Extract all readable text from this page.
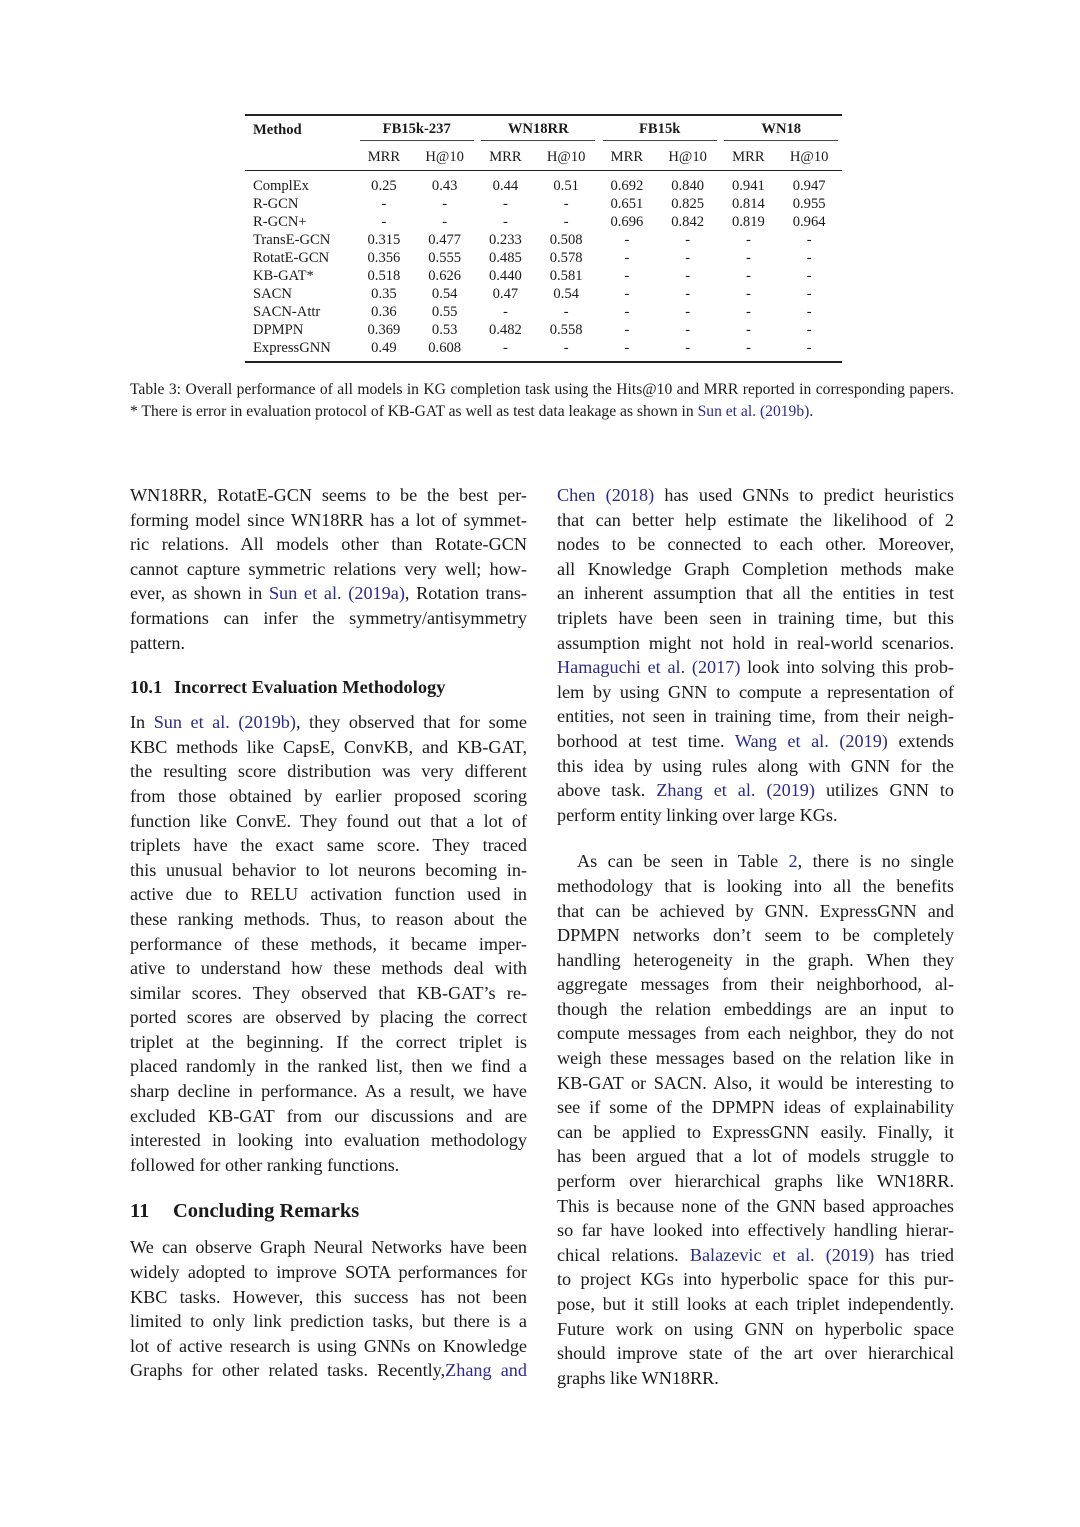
Method	FB15k-237		WN18RR		FB15k		WN18	
	MRR	H@10	MRR	H@10	MRR	H@10	MRR	H@10
ComplEx	0.25	0.43	0.44	0.51	0.692	0.840	0.941	0.947
R-GCN	-	-	-	-	0.651	0.825	0.814	0.955
R-GCN+	-	-	-	-	0.696	0.842	0.819	0.964
TransE-GCN	0.315	0.477	0.233	0.508	-	-	-	-
RotatE-GCN	0.356	0.555	0.485	0.578	-	-	-	-
KB-GAT*	0.518	0.626	0.440	0.581	-	-	-	-
SACN	0.35	0.54	0.47	0.54	-	-	-	-
SACN-Attr	0.36	0.55	-	-	-	-	-	-
DPMPN	0.369	0.53	0.482	0.558	-	-	-	-
ExpressGNN	0.49	0.608	-	-	-	-	-	-
Table 3: Overall performance of all models in KG completion task using the Hits@10 and MRR reported in corresponding papers. * There is error in evaluation protocol of KB-GAT as well as test data leakage as shown in Sun et al. (2019b).

WN18RR, RotatE-GCN seems to be the best per-
forming model since WN18RR has a lot of symmet-
ric relations. All models other than Rotate-GCN
cannot capture symmetric relations very well; how-
ever, as shown in Sun et al. (2019a), Rotation trans-
formations can infer the symmetry/antisymmetry
pattern.

10.1 Incorrect Evaluation Methodology

In Sun et al. (2019b), they observed that for some
KBC methods like CapsE, ConvKB, and KB-GAT,
the resulting score distribution was very different
from those obtained by earlier proposed scoring
function like ConvE. They found out that a lot of
triplets have the exact same score. They traced
this unusual behavior to lot neurons becoming in-
active due to RELU activation function used in
these ranking methods. Thus, to reason about the
performance of these methods, it became imper-
ative to understand how these methods deal with
similar scores. They observed that KB-GAT’s re-
ported scores are observed by placing the correct
triplet at the beginning. If the correct triplet is
placed randomly in the ranked list, then we find a
sharp decline in performance. As a result, we have
excluded KB-GAT from our discussions and are
interested in looking into evaluation methodology
followed for other ranking functions.

11 Concluding Remarks

We can observe Graph Neural Networks have been
widely adopted to improve SOTA performances for
KBC tasks. However, this success has not been
limited to only link prediction tasks, but there is a
lot of active research is using GNNs on Knowledge
Graphs for other related tasks. Recently,Zhang and

Chen (2018) has used GNNs to predict heuristics
that can better help estimate the likelihood of 2
nodes to be connected to each other. Moreover,
all Knowledge Graph Completion methods make
an inherent assumption that all the entities in test
triplets have been seen in training time, but this
assumption might not hold in real-world scenarios.
Hamaguchi et al. (2017) look into solving this prob-
lem by using GNN to compute a representation of
entities, not seen in training time, from their neigh-
borhood at test time. Wang et al. (2019) extends
this idea by using rules along with GNN for the
above task. Zhang et al. (2019) utilizes GNN to
perform entity linking over large KGs.

As can be seen in Table 2, there is no single
methodology that is looking into all the benefits
that can be achieved by GNN. ExpressGNN and
DPMPN networks don’t seem to be completely
handling heterogeneity in the graph. When they
aggregate messages from their neighborhood, al-
though the relation embeddings are an input to
compute messages from each neighbor, they do not
weigh these messages based on the relation like in
KB-GAT or SACN. Also, it would be interesting to
see if some of the DPMPN ideas of explainability
can be applied to ExpressGNN easily. Finally, it
has been argued that a lot of models struggle to
perform over hierarchical graphs like WN18RR.
This is because none of the GNN based approaches
so far have looked into effectively handling hierar-
chical relations. Balazevic et al. (2019) has tried
to project KGs into hyperbolic space for this pur-
pose, but it still looks at each triplet independently.
Future work on using GNN on hyperbolic space
should improve state of the art over hierarchical
graphs like WN18RR.
